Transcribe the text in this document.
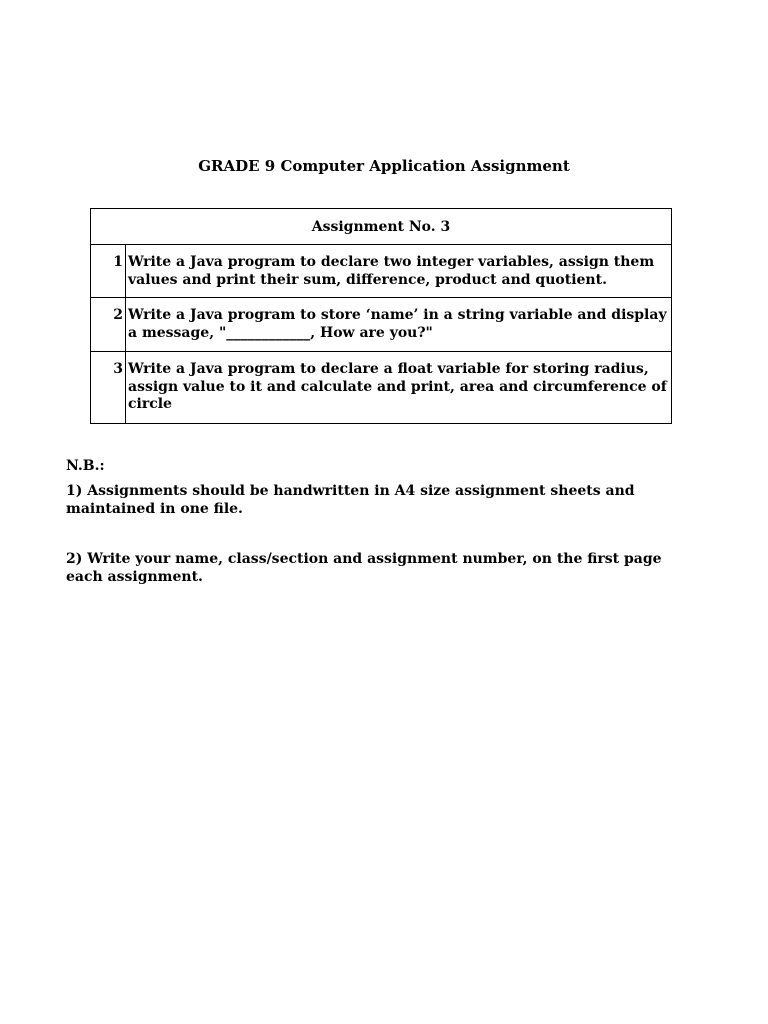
GRADE 9 Computer Application Assignment
Assignment No. 3	
1	Write a Java program to declare two integer variables, assign them values and print their sum, difference, product and quotient.
2	Write a Java program to store ‘name’ in a string variable and display a message, "____________, How are you?"
3	Write a Java program to declare a float variable for storing radius, assign value to it and calculate and print, area and circumference of circle
N.B.:
1) Assignments should be handwritten in A4 size assignment sheets and maintained in one file.
2) Write your name, class/section and assignment number, on the first page each assignment.
